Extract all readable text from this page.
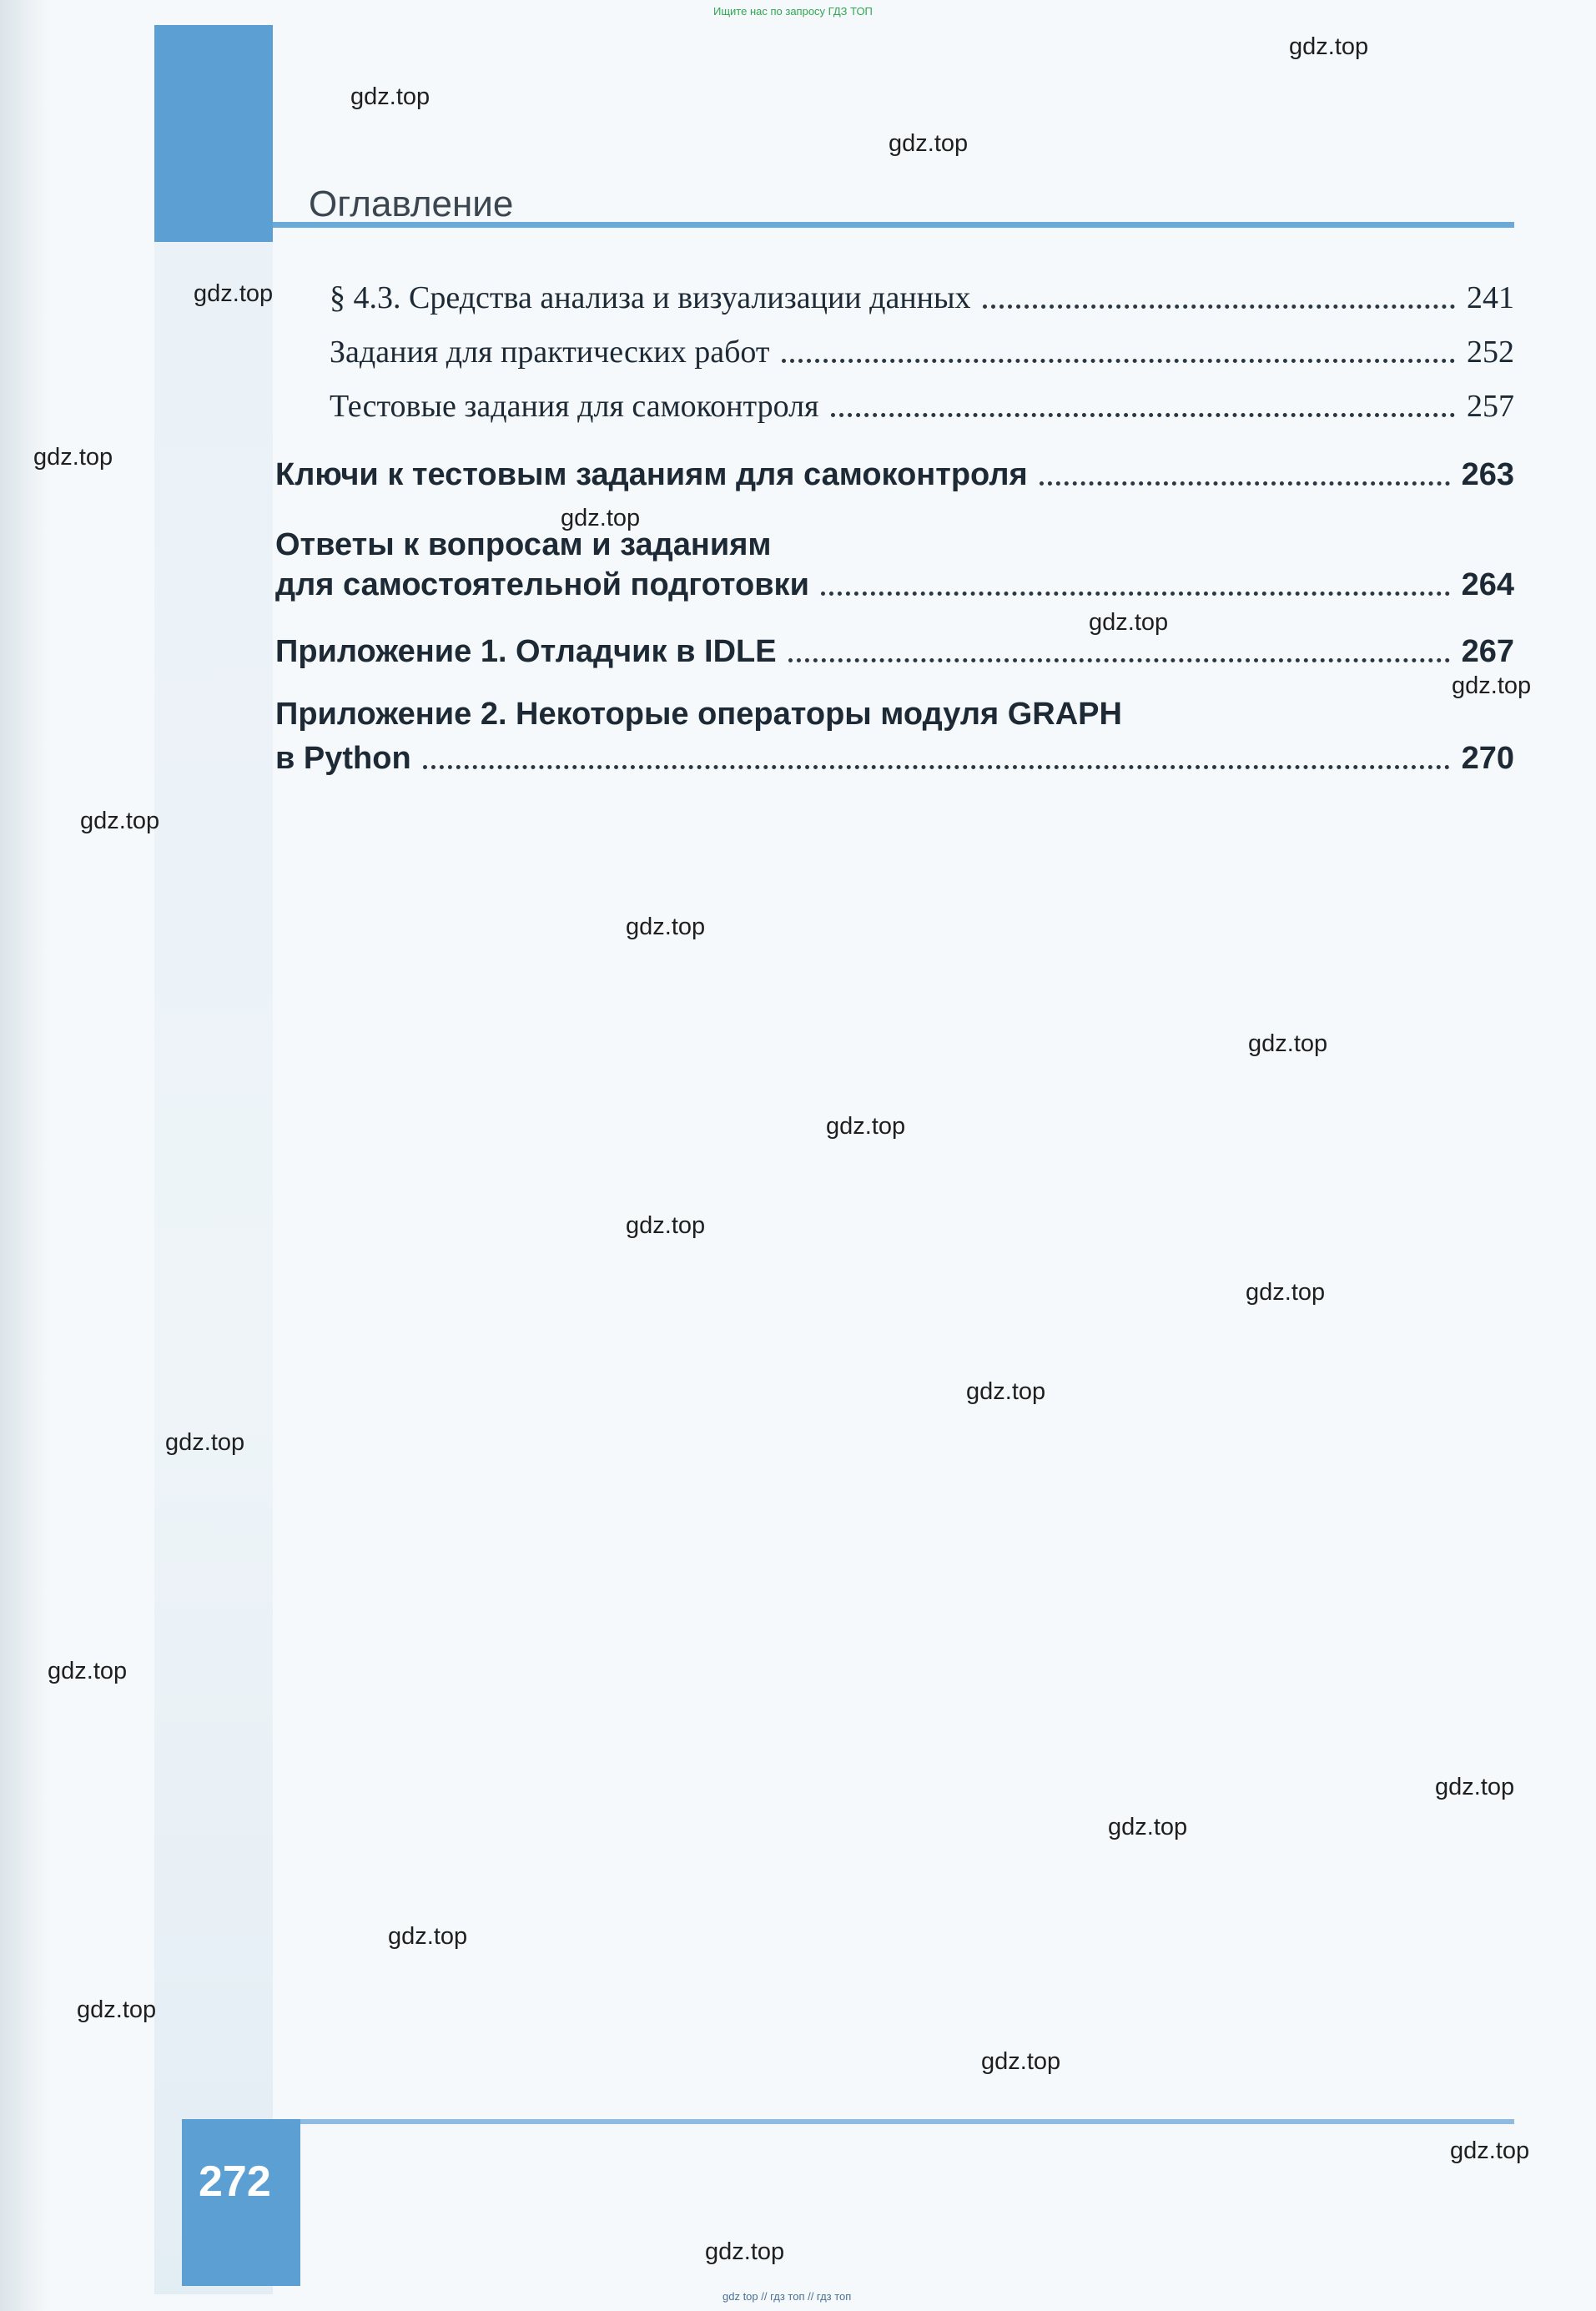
Ищите нас по запросу ГДЗ ТОП
Оглавление
§ 4.3. Средства анализа и визуализации данных	241
Задания для практических работ	252
Тестовые задания для самоконтроля	257
Ключи к тестовым заданиям для самоконтроля	263
Ответы к вопросам и заданиям
для самостоятельной подготовки	264
Приложение 1. Отладчик в IDLE	267
Приложение 2. Некоторые операторы модуля GRAPH
в Python	270
272
gdz.top
gdz.top
gdz.top
gdz.top
gdz.top
gdz.top
gdz.top
gdz.top
gdz.top
gdz.top
gdz.top
gdz.top
gdz.top
gdz.top
gdz.top
gdz.top
gdz.top
gdz.top
gdz.top
gdz.top
gdz.top
gdz.top
gdz.top
gdz.top
gdz top // гдз топ // гдз топ
